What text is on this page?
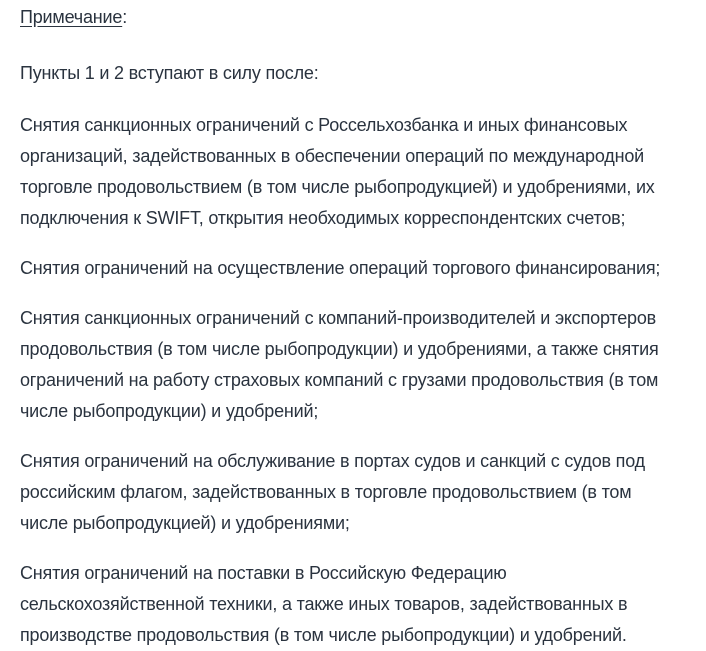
Примечание:

Пункты 1 и 2 вступают в силу после:

Снятия санкционных ограничений с Россельхозбанка и иных финансовых организаций, задействованных в обеспечении операций по международной торговле продовольствием (в том числе рыбопродукцией) и удобрениями, их подключения к SWIFT, открытия необходимых корреспондентских счетов;

Снятия ограничений на осуществление операций торгового финансирования;

Снятия санкционных ограничений с компаний-производителей и экспортеров продовольствия (в том числе рыбопродукции) и удобрениями, а также снятия ограничений на работу страховых компаний с грузами продовольствия (в том числе рыбопродукции) и удобрений;

Снятия ограничений на обслуживание в портах судов и санкций с судов под российским флагом, задействованных в торговле продовольствием (в том числе рыбопродукцией) и удобрениями;

Снятия ограничений на поставки в Российскую Федерацию сельскохозяйственной техники, а также иных товаров, задействованных в производстве продовольствия (в том числе рыбопродукции) и удобрений.
